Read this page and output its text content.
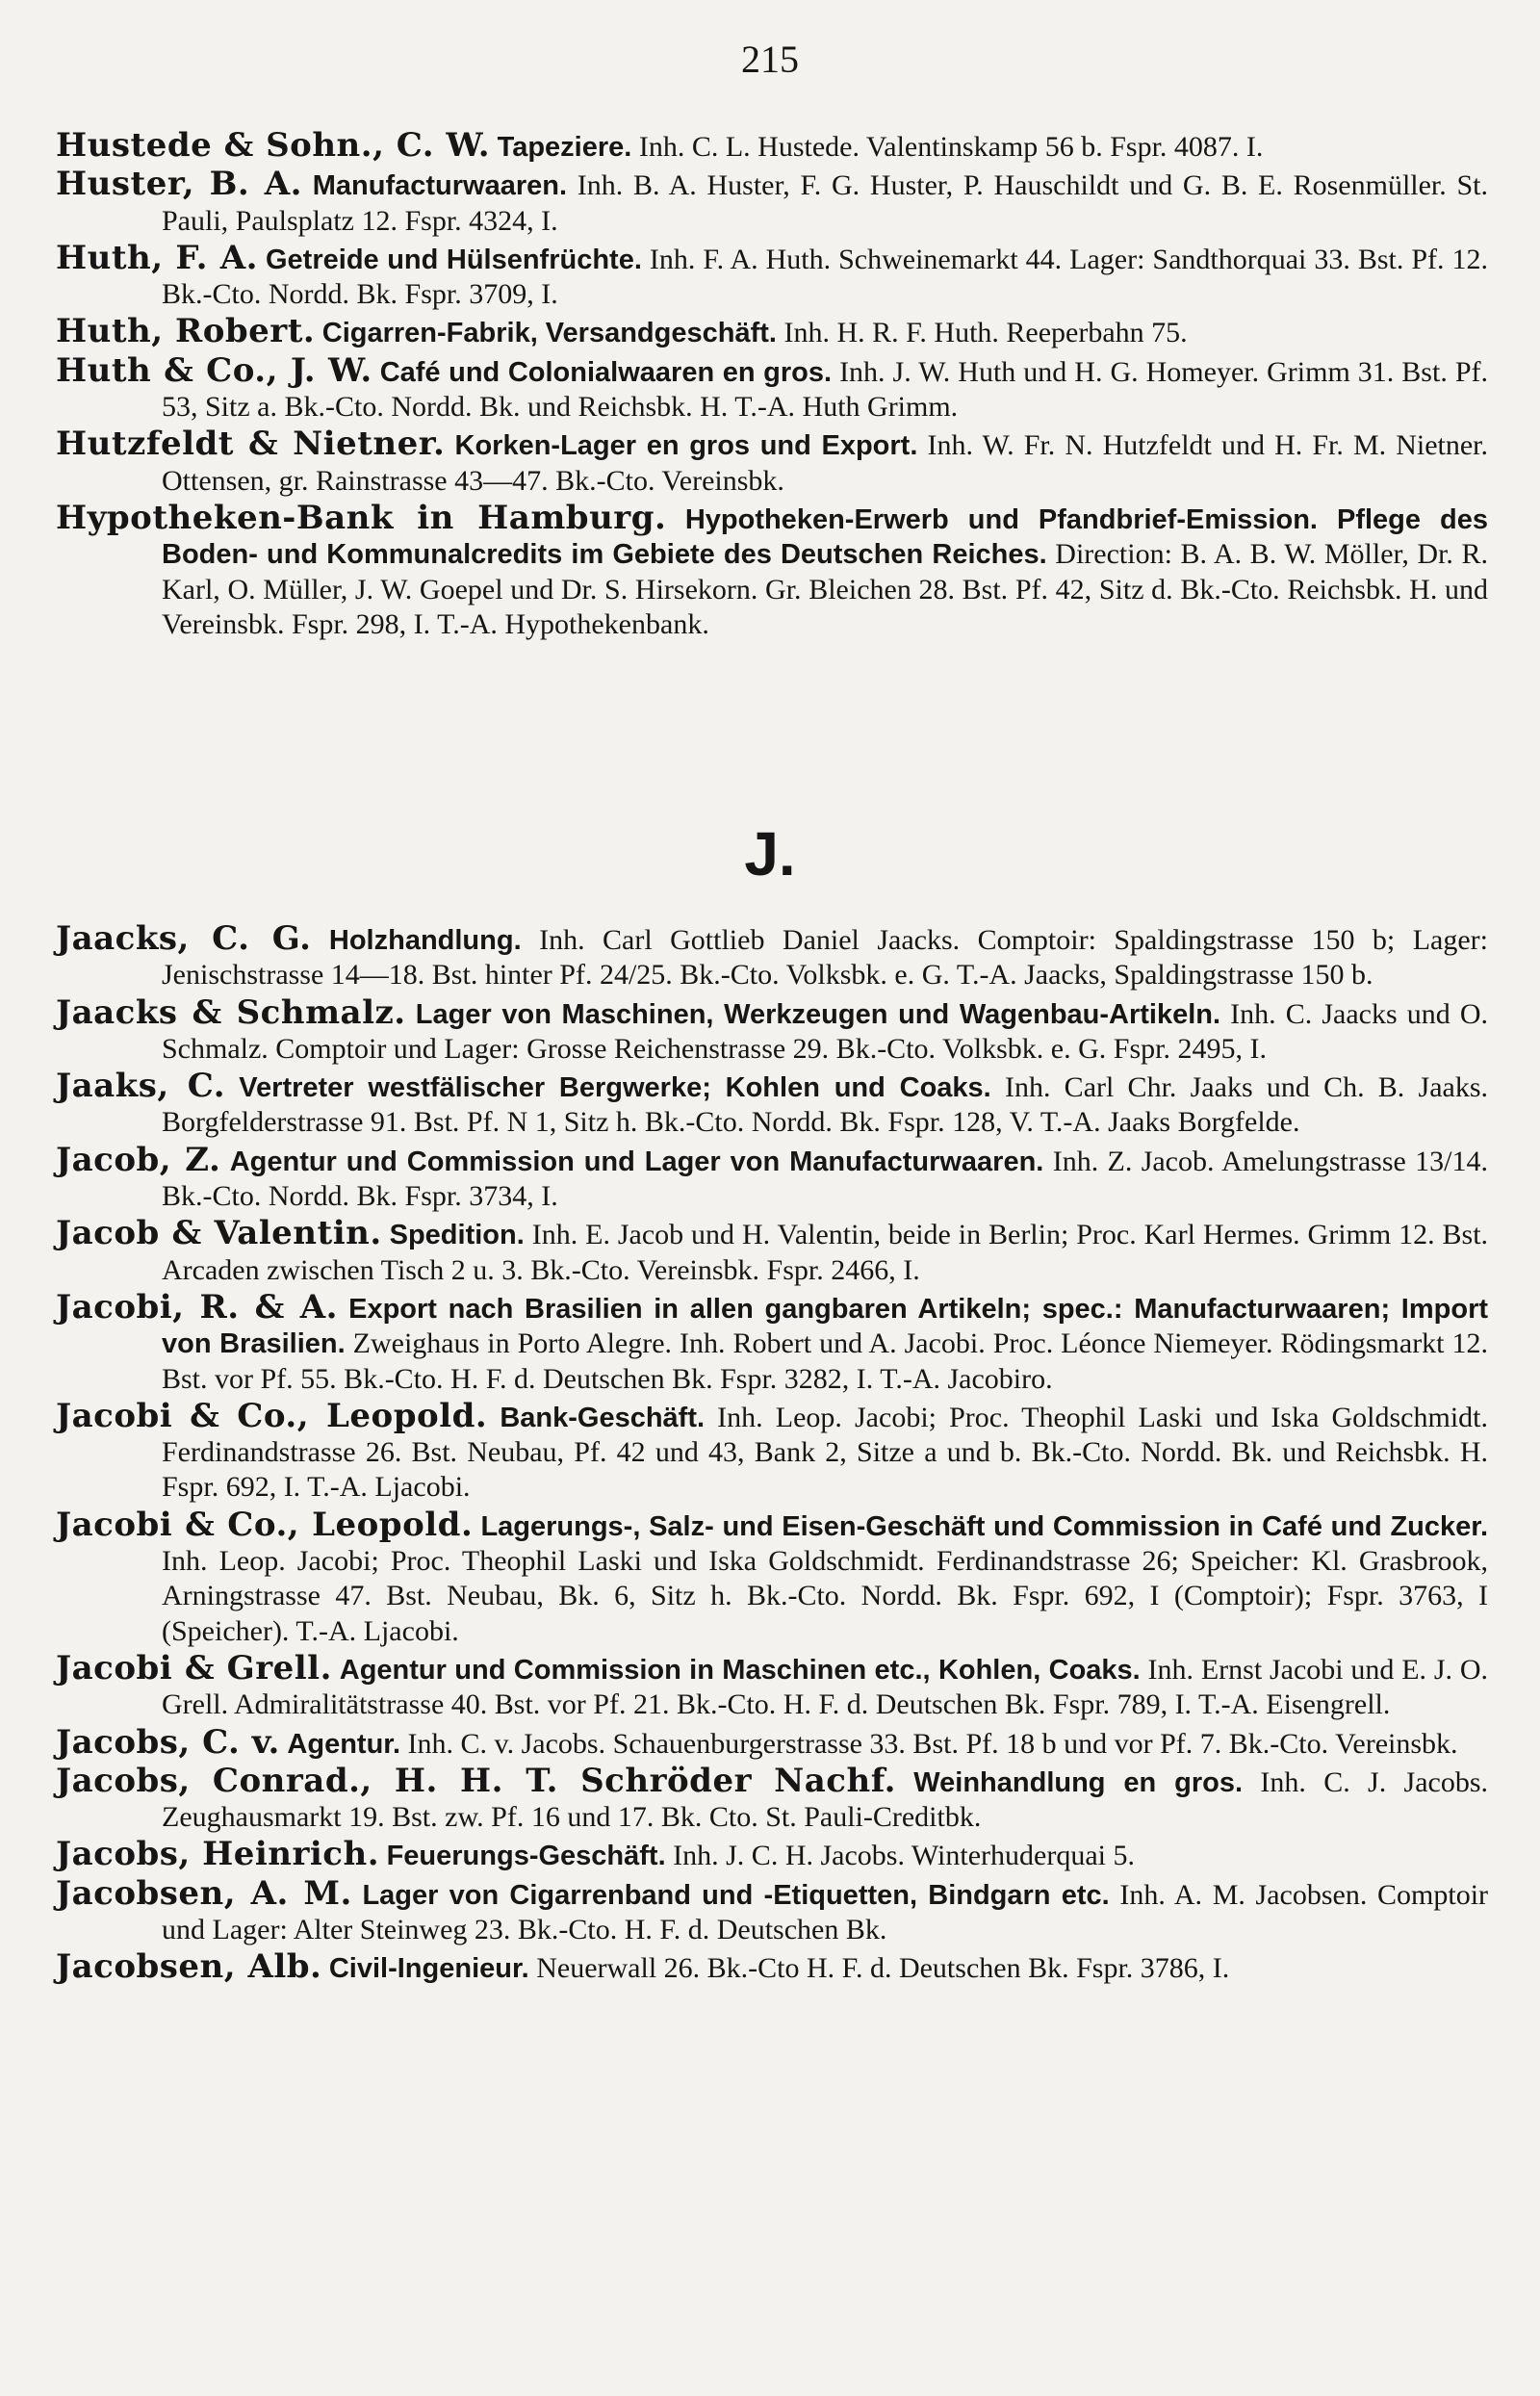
215

Hustede & Sohn., C. W. Tapeziere. Inh. C. L. Hustede. Valentinskamp 56 b. Fspr. 4087. I.

Huster, B. A. Manufacturwaaren. Inh. B. A. Huster, F. G. Huster, P. Hauschildt und G. B. E. Rosenmüller. St. Pauli, Paulsplatz 12. Fspr. 4324, I.

Huth, F. A. Getreide und Hülsenfrüchte. Inh. F. A. Huth. Schweinemarkt 44. Lager: Sandthorquai 33. Bst. Pf. 12. Bk.-Cto. Nordd. Bk. Fspr. 3709, I.

Huth, Robert. Cigarren-Fabrik, Versandgeschäft. Inh. H. R. F. Huth. Reeperbahn 75.

Huth & Co., J. W. Café und Colonialwaaren en gros. Inh. J. W. Huth und H. G. Homeyer. Grimm 31. Bst. Pf. 53, Sitz a. Bk.-Cto. Nordd. Bk. und Reichsbk. H. T.-A. Huth Grimm.

Hutzfeldt & Nietner. Korken-Lager en gros und Export. Inh. W. Fr. N. Hutzfeldt und H. Fr. M. Nietner. Ottensen, gr. Rainstrasse 43—47. Bk.-Cto. Vereinsbk.

Hypotheken-Bank in Hamburg. Hypotheken-Erwerb und Pfandbrief-Emission. Pflege des Boden- und Kommunalcredits im Gebiete des Deutschen Reiches. Direction: B. A. B. W. Möller, Dr. R. Karl, O. Müller, J. W. Goepel und Dr. S. Hirsekorn. Gr. Bleichen 28. Bst. Pf. 42, Sitz d. Bk.-Cto. Reichsbk. H. und Vereinsbk. Fspr. 298, I. T.-A. Hypothekenbank.

J.

Jaacks, C. G. Holzhandlung. Inh. Carl Gottlieb Daniel Jaacks. Comptoir: Spaldingstrasse 150 b; Lager: Jenischstrasse 14—18. Bst. hinter Pf. 24/25. Bk.-Cto. Volksbk. e. G. T.-A. Jaacks, Spaldingstrasse 150 b.

Jaacks & Schmalz. Lager von Maschinen, Werkzeugen und Wagenbau-Artikeln. Inh. C. Jaacks und O. Schmalz. Comptoir und Lager: Grosse Reichenstrasse 29. Bk.-Cto. Volksbk. e. G. Fspr. 2495, I.

Jaaks, C. Vertreter westfälischer Bergwerke; Kohlen und Coaks. Inh. Carl Chr. Jaaks und Ch. B. Jaaks. Borgfelderstrasse 91. Bst. Pf. N 1, Sitz h. Bk.-Cto. Nordd. Bk. Fspr. 128, V. T.-A. Jaaks Borgfelde.

Jacob, Z. Agentur und Commission und Lager von Manufacturwaaren. Inh. Z. Jacob. Amelungstrasse 13/14. Bk.-Cto. Nordd. Bk. Fspr. 3734, I.

Jacob & Valentin. Spedition. Inh. E. Jacob und H. Valentin, beide in Berlin; Proc. Karl Hermes. Grimm 12. Bst. Arcaden zwischen Tisch 2 u. 3. Bk.-Cto. Vereinsbk. Fspr. 2466, I.

Jacobi, R. & A. Export nach Brasilien in allen gangbaren Artikeln; spec.: Manufacturwaaren; Import von Brasilien. Zweighaus in Porto Alegre. Inh. Robert und A. Jacobi. Proc. Léonce Niemeyer. Rödingsmarkt 12. Bst. vor Pf. 55. Bk.-Cto. H. F. d. Deutschen Bk. Fspr. 3282, I. T.-A. Jacobiro.

Jacobi & Co., Leopold. Bank-Geschäft. Inh. Leop. Jacobi; Proc. Theophil Laski und Iska Goldschmidt. Ferdinandstrasse 26. Bst. Neubau, Pf. 42 und 43, Bank 2, Sitze a und b. Bk.-Cto. Nordd. Bk. und Reichsbk. H. Fspr. 692, I. T.-A. Ljacobi.

Jacobi & Co., Leopold. Lagerungs-, Salz- und Eisen-Geschäft und Commission in Café und Zucker. Inh. Leop. Jacobi; Proc. Theophil Laski und Iska Goldschmidt. Ferdinandstrasse 26; Speicher: Kl. Grasbrook, Arningstrasse 47. Bst. Neubau, Bk. 6, Sitz h. Bk.-Cto. Nordd. Bk. Fspr. 692, I (Comptoir); Fspr. 3763, I (Speicher). T.-A. Ljacobi.

Jacobi & Grell. Agentur und Commission in Maschinen etc., Kohlen, Coaks. Inh. Ernst Jacobi und E. J. O. Grell. Admiralitätstrasse 40. Bst. vor Pf. 21. Bk.-Cto. H. F. d. Deutschen Bk. Fspr. 789, I. T.-A. Eisengrell.

Jacobs, C. v. Agentur. Inh. C. v. Jacobs. Schauenburgerstrasse 33. Bst. Pf. 18 b und vor Pf. 7. Bk.-Cto. Vereinsbk.

Jacobs, Conrad., H. H. T. Schröder Nachf. Weinhandlung en gros. Inh. C. J. Jacobs. Zeughausmarkt 19. Bst. zw. Pf. 16 und 17. Bk. Cto. St. Pauli-Creditbk.

Jacobs, Heinrich. Feuerungs-Geschäft. Inh. J. C. H. Jacobs. Winterhuderquai 5.

Jacobsen, A. M. Lager von Cigarrenband und -Etiquetten, Bindgarn etc. Inh. A. M. Jacobsen. Comptoir und Lager: Alter Steinweg 23. Bk.-Cto. H. F. d. Deutschen Bk.

Jacobsen, Alb. Civil-Ingenieur. Neuerwall 26. Bk.-Cto H. F. d. Deutschen Bk. Fspr. 3786, I.
